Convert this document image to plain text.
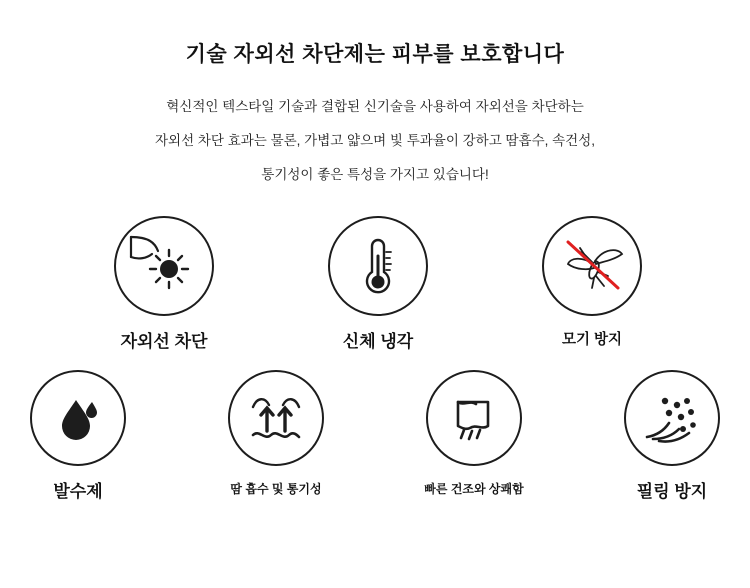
기술 자외선 차단제는 피부를 보호합니다
혁신적인 텍스타일 기술과 결합된 신기술을 사용하여 자외선을 차단하는
자외선 차단 효과는 물론, 가볍고 얇으며 빛 투과율이 강하고 땀흡수, 속건성,
통기성이 좋은 특성을 가지고 있습니다!
자외선 차단	신체 냉각	모기 방지
발수제	땀 흡수 및 통기성	빠른 건조와 상쾌함	필링 방지
